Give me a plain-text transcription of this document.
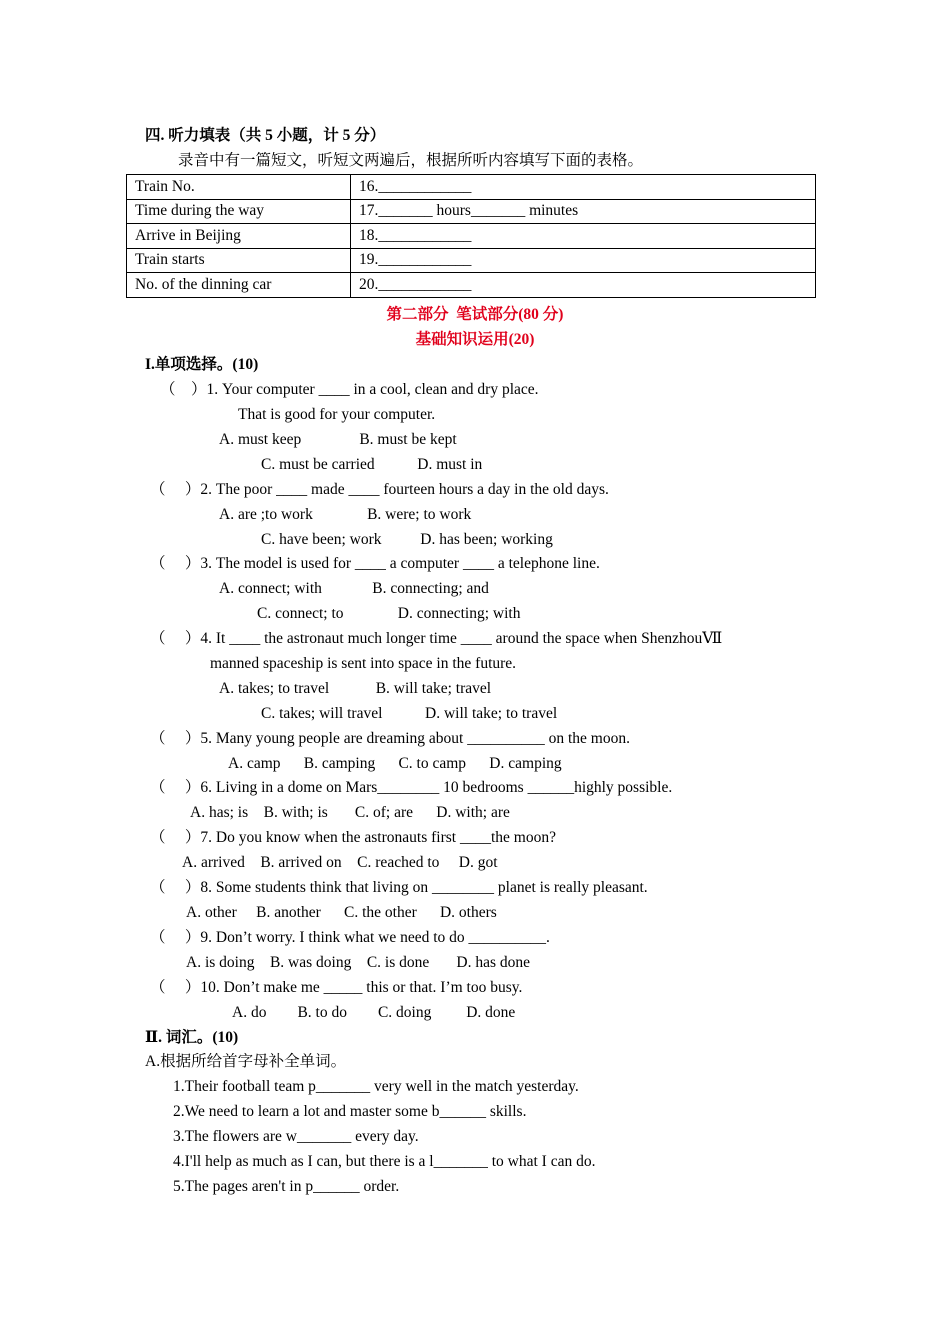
四. 听力填表（共 5 小题，计 5 分）
录音中有一篇短文，听短文两遍后，根据所听内容填写下面的表格。
Train No.	16.____________
Time during the way	17._______ hours_______ minutes
Arrive in Beijing	18.____________
Train starts	19.____________
No. of the dinning car	20.____________
第二部分  笔试部分(80 分)
基础知识运用(20)
I.单项选择。(10)
（    ）1. Your computer ____ in a cool, clean and dry place.
That is good for your computer.
A. must keep               B. must be kept
C. must be carried           D. must in
（     ）2. The poor ____ made ____ fourteen hours a day in the old days.
A. are ;to work              B. were; to work
C. have been; work          D. has been; working
（     ）3. The model is used for ____ a computer ____ a telephone line.
A. connect; with             B. connecting; and
C. connect; to              D. connecting; with
（     ）4. It ____ the astronaut much longer time ____ around the space when ShenzhouⅦ
manned spaceship is sent into space in the future.
A. takes; to travel            B. will take; travel
C. takes; will travel           D. will take; to travel
（     ）5. Many young people are dreaming about __________ on the moon.
A. camp      B. camping      C. to camp      D. camping
（     ）6. Living in a dome on Mars________ 10 bedrooms ______highly possible.
A. has; is    B. with; is       C. of; are      D. with; are
（     ）7. Do you know when the astronauts first ____the moon?
A. arrived    B. arrived on    C. reached to     D. got
（     ）8. Some students think that living on ________ planet is really pleasant.
A. other     B. another      C. the other      D. others
（     ）9. Don’t worry. I think what we need to do __________.
A. is doing    B. was doing    C. is done       D. has done
（     ）10. Don’t make me _____ this or that. I’m too busy.
A. do        B. to do        C. doing         D. done
Ⅱ. 词汇。(10)
A.根据所给首字母补全单词。
1.Their football team p_______ very well in the match yesterday.
2.We need to learn a lot and master some b______ skills.
3.The flowers are w_______ every day.
4.I'll help as much as I can, but there is a l_______ to what I can do.
5.The pages aren't in p______ order.
